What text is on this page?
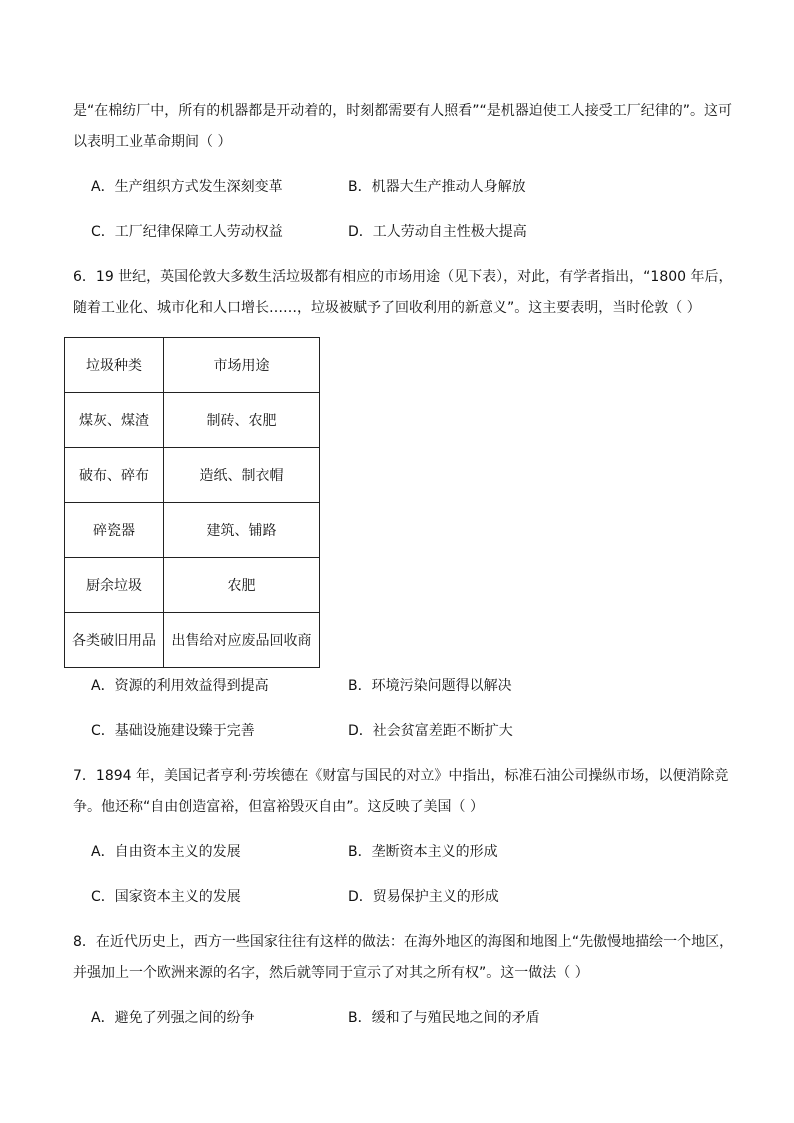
是“在棉纺厂中，所有的机器都是开动着的，时刻都需要有人照看”“是机器迫使工人接受工厂纪律的”。这可
以表明工业革命期间（ ）
A．生产组织方式发生深刻变革	B．机器大生产推动人身解放
C．工厂纪律保障工人劳动权益	D．工人劳动自主性极大提高
6．19 世纪，英国伦敦大多数生活垃圾都有相应的市场用途（见下表），对此，有学者指出，“1800 年后，
随着工业化、城市化和人口增长……，垃圾被赋予了回收利用的新意义”。这主要表明，当时伦敦（ ）
垃圾种类	市场用途
煤灰、煤渣	制砖、农肥
破布、碎布	造纸、制衣帽
碎瓷器	建筑、铺路
厨余垃圾	农肥
各类破旧用品	出售给对应废品回收商
A．资源的利用效益得到提高	B．环境污染问题得以解决
C．基础设施建设臻于完善	D．社会贫富差距不断扩大
7．1894 年，美国记者亨利·劳埃德在《财富与国民的对立》中指出，标准石油公司操纵市场，以便消除竞
争。他还称“自由创造富裕，但富裕毁灭自由”。这反映了美国（ ）
A．自由资本主义的发展	B．垄断资本主义的形成
C．国家资本主义的发展	D．贸易保护主义的形成
8．在近代历史上，西方一些国家往往有这样的做法：在海外地区的海图和地图上“先傲慢地描绘一个地区，
并强加上一个欧洲来源的名字，然后就等同于宣示了对其之所有权”。这一做法（ ）
A．避免了列强之间的纷争	B．缓和了与殖民地之间的矛盾
